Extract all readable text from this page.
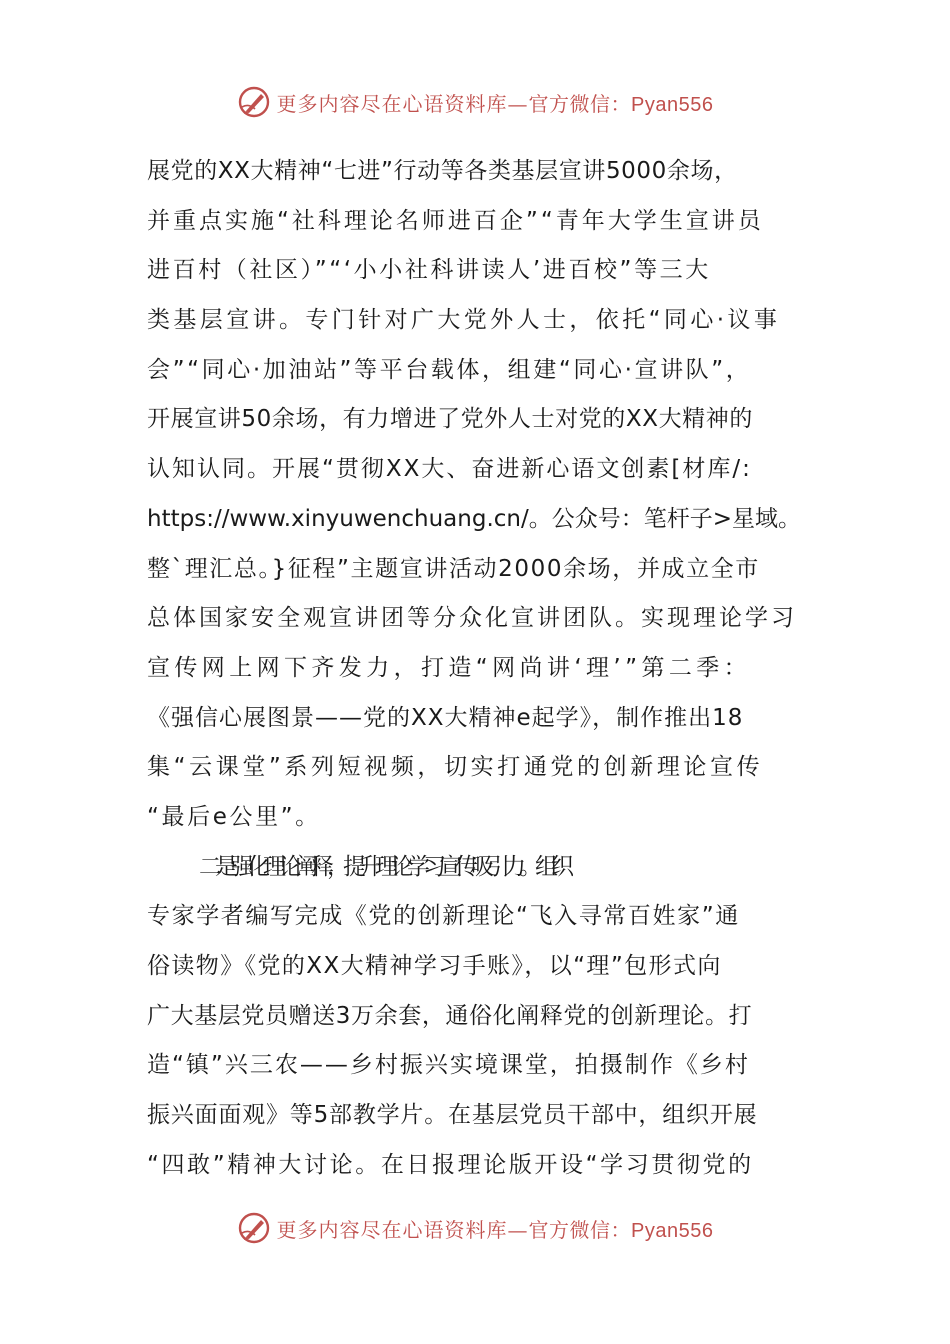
更多内容尽在心语资料库—官方微信：Pyan556
展党的XX大精神“七进”行动等各类基层宣讲5000余场，
并重点实施“社科理论名师进百企”“青年大学生宣讲员
进百村（社区）”“‘小小社科讲读人’进百校”等三大
类基层宣讲。专门针对广大党外人士，依托“同心·议事
会”“同心·加油站”等平台载体，组建“同心·宣讲队”，
开展宣讲50余场，有力增进了党外人士对党的XX大精神的
认知认同。开展“贯彻XX大、奋进新心语文创素[材库/:
https://www.xinyuwenchuang.cn/。公众号：笔杆子>星域。
整`理汇总。}征程”主题宣讲活动2000余场，并成立全市
总体国家安全观宣讲团等分众化宣讲团队。实现理论学习
宣传网上网下齐发力，打造“网尚讲‘理’”第二季：
《强信心展图景——党的XX大精神e起学》，制作推出18
集“云课堂”系列短视频，切实打通党的创新理论宣传
“最后e公里”。
二是强化理论阐释，提升理论学习宣传吸引力。组织
专家学者编写完成《党的创新理论“飞入寻常百姓家”通
俗读物》《党的XX大精神学习手账》，以“理”包形式向
广大基层党员赠送3万余套，通俗化阐释党的创新理论。打
造“镇”兴三农——乡村振兴实境课堂，拍摄制作《乡村
振兴面面观》等5部教学片。在基层党员干部中，组织开展
“四敢”精神大讨论。在日报理论版开设“学习贯彻党的
更多内容尽在心语资料库—官方微信：Pyan556
